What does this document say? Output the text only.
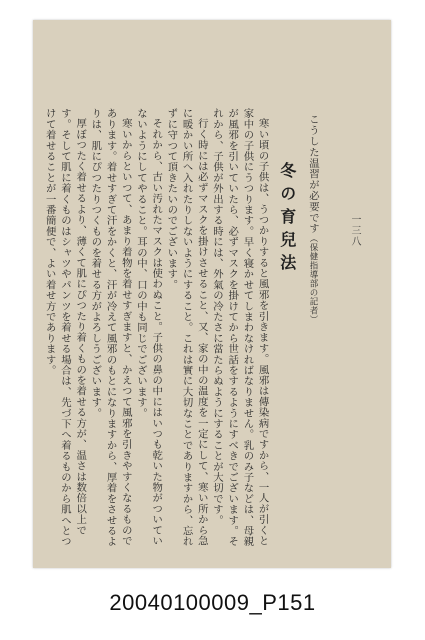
一三八
こうした温習が必要です（保健指導部の記者）
冬の育兒法

寒い頃の子供は、うつかりすると風邪を引きます。風邪は傳染病ですから、一人が引くと家中の子供にうつります。早く寝かせてしまわなければなりません。乳のみ子などは、母親が風邪を引いていたら、必ずマスクを掛けてから世話をするようにすべきでございます。それから、子供が外出する時には、外氣の冷たさに當たらぬようにすることが大切です。

行く時には必ずマスクを掛けさせること、又、家の中の温度を一定にして、寒い所から急に暖かい所へ入れたりしないようにすること。これは實に大切なことでありますから、忘れずに守つて頂きたいのでございます。

それから、古い汚れたマスクは使わぬこと。子供の鼻の中にはいつも乾いた物がついていないようにしてやること。耳の中、口の中も同じでございます。

寒いからといつて、あまり着物を着せすぎますと、かえつて風邪を引きやすくなるものであります。着せすぎて汗をかくと、汗が冷えて風邪のもとになりますから、厚着をさせるよりは、肌にぴつたりつくものを着せる方がよろしうございます。

厚ぼつたく着せるより、薄くて肌にぴつたり着くものを着せる方が、温さは数倍以上です。そして肌に着くものはシャツやパンツを着せる場合は、先づ下へ着るものから肌へとつけて着せることが一番簡便で、よい着せ方であります。

20040100009_P151
